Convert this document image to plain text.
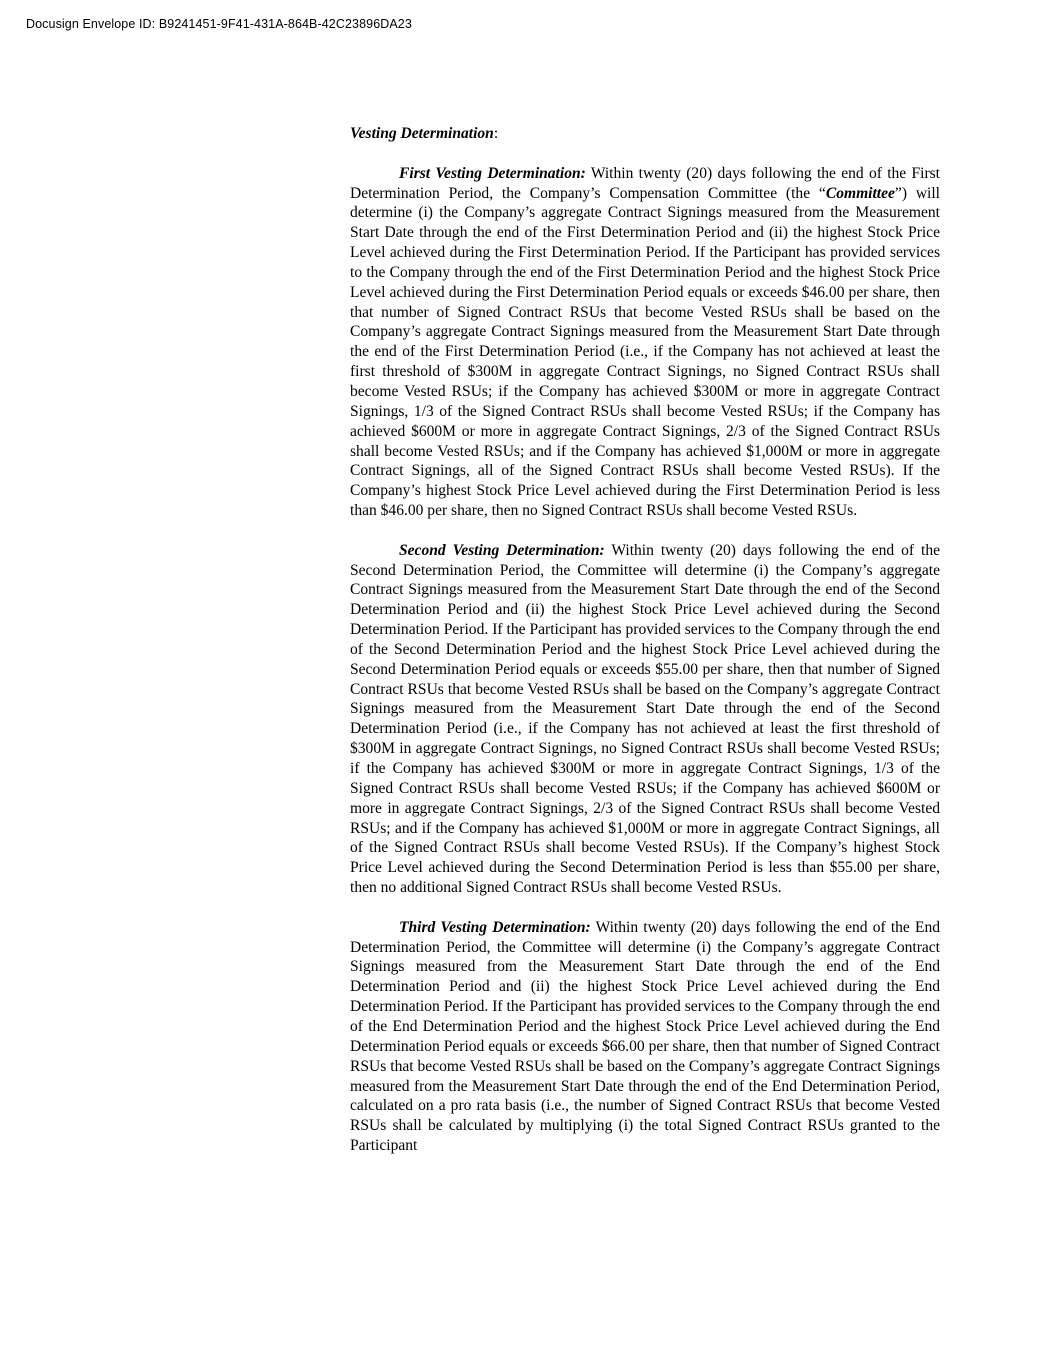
Docusign Envelope ID: B9241451-9F41-431A-864B-42C23896DA23

Vesting Determination:

First Vesting Determination: Within twenty (20) days following the end of the First Determination Period, the Company’s Compensation Committee (the “Committee”) will determine (i) the Company’s aggregate Contract Signings measured from the Measurement Start Date through the end of the First Determination Period and (ii) the highest Stock Price Level achieved during the First Determination Period. If the Participant has provided services to the Company through the end of the First Determination Period and the highest Stock Price Level achieved during the First Determination Period equals or exceeds $46.00 per share, then that number of Signed Contract RSUs that become Vested RSUs shall be based on the Company’s aggregate Contract Signings measured from the Measurement Start Date through the end of the First Determination Period (i.e., if the Company has not achieved at least the first threshold of $300M in aggregate Contract Signings, no Signed Contract RSUs shall become Vested RSUs; if the Company has achieved $300M or more in aggregate Contract Signings, 1/3 of the Signed Contract RSUs shall become Vested RSUs; if the Company has achieved $600M or more in aggregate Contract Signings, 2/3 of the Signed Contract RSUs shall become Vested RSUs; and if the Company has achieved $1,000M or more in aggregate Contract Signings, all of the Signed Contract RSUs shall become Vested RSUs). If the Company’s highest Stock Price Level achieved during the First Determination Period is less than $46.00 per share, then no Signed Contract RSUs shall become Vested RSUs.

Second Vesting Determination: Within twenty (20) days following the end of the Second Determination Period, the Committee will determine (i) the Company’s aggregate Contract Signings measured from the Measurement Start Date through the end of the Second Determination Period and (ii) the highest Stock Price Level achieved during the Second Determination Period. If the Participant has provided services to the Company through the end of the Second Determination Period and the highest Stock Price Level achieved during the Second Determination Period equals or exceeds $55.00 per share, then that number of Signed Contract RSUs that become Vested RSUs shall be based on the Company’s aggregate Contract Signings measured from the Measurement Start Date through the end of the Second Determination Period (i.e., if the Company has not achieved at least the first threshold of $300M in aggregate Contract Signings, no Signed Contract RSUs shall become Vested RSUs; if the Company has achieved $300M or more in aggregate Contract Signings, 1/3 of the Signed Contract RSUs shall become Vested RSUs; if the Company has achieved $600M or more in aggregate Contract Signings, 2/3 of the Signed Contract RSUs shall become Vested RSUs; and if the Company has achieved $1,000M or more in aggregate Contract Signings, all of the Signed Contract RSUs shall become Vested RSUs). If the Company’s highest Stock Price Level achieved during the Second Determination Period is less than $55.00 per share, then no additional Signed Contract RSUs shall become Vested RSUs.

Third Vesting Determination: Within twenty (20) days following the end of the End Determination Period, the Committee will determine (i) the Company’s aggregate Contract Signings measured from the Measurement Start Date through the end of the End Determination Period and (ii) the highest Stock Price Level achieved during the End Determination Period. If the Participant has provided services to the Company through the end of the End Determination Period and the highest Stock Price Level achieved during the End Determination Period equals or exceeds $66.00 per share, then that number of Signed Contract RSUs that become Vested RSUs shall be based on the Company’s aggregate Contract Signings measured from the Measurement Start Date through the end of the End Determination Period, calculated on a pro rata basis (i.e., the number of Signed Contract RSUs that become Vested RSUs shall be calculated by multiplying (i) the total Signed Contract RSUs granted to the Participant
